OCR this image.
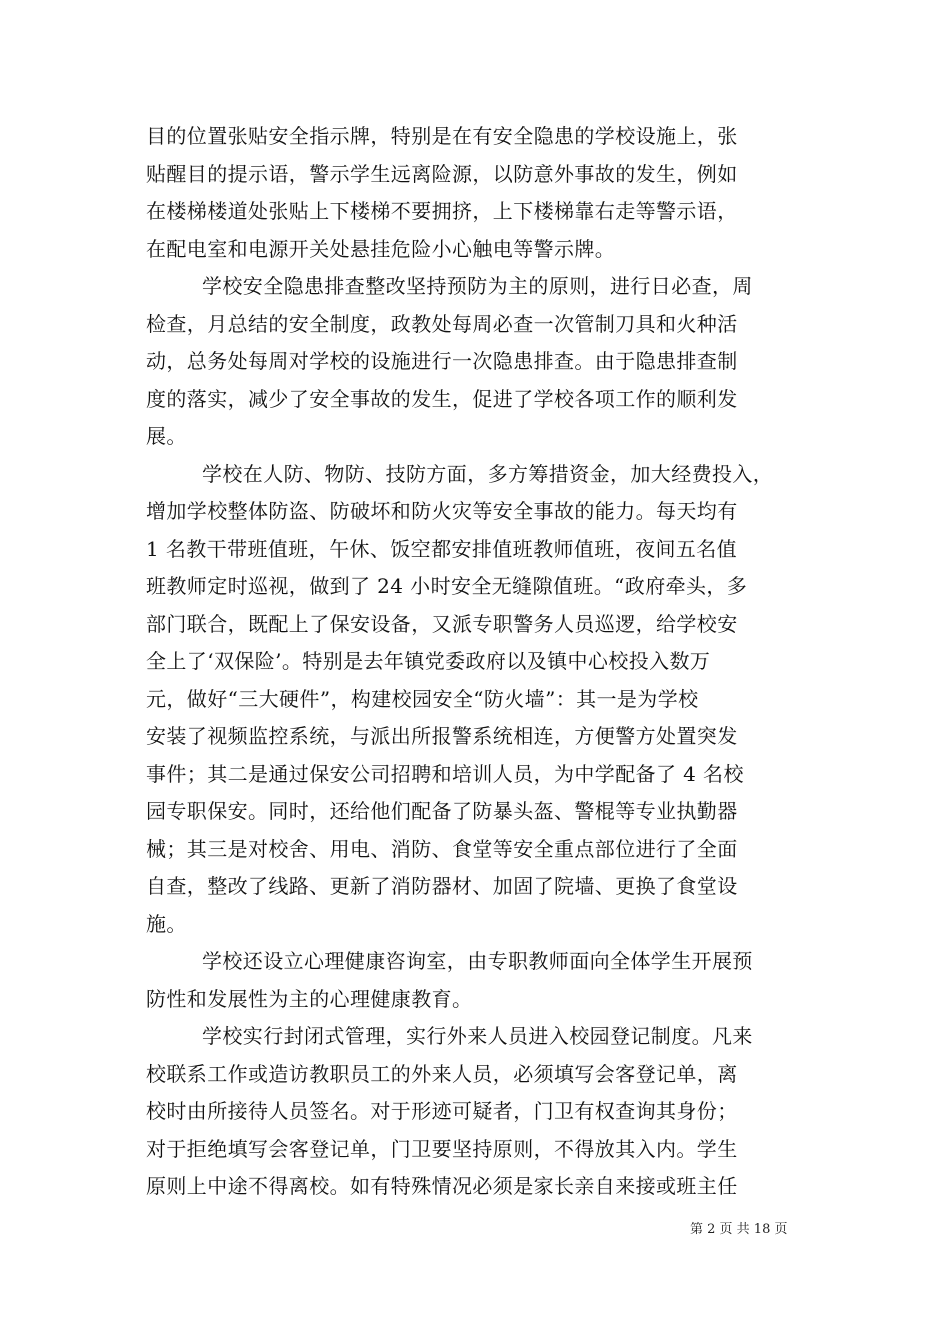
目的位置张贴安全指示牌，特别是在有安全隐患的学校设施上，张
贴醒目的提示语，警示学生远离险源，以防意外事故的发生，例如
在楼梯楼道处张贴上下楼梯不要拥挤，上下楼梯靠右走等警示语，
在配电室和电源开关处悬挂危险小心触电等警示牌。
学校安全隐患排查整改坚持预防为主的原则，进行日必查，周
检查，月总结的安全制度，政教处每周必查一次管制刀具和火种活
动，总务处每周对学校的设施进行一次隐患排查。由于隐患排查制
度的落实，减少了安全事故的发生，促进了学校各项工作的顺利发
展。
学校在人防、物防、技防方面，多方筹措资金，加大经费投入，
增加学校整体防盗、防破坏和防火灾等安全事故的能力。每天均有
1 名教干带班值班，午休、饭空都安排值班教师值班，夜间五名值
班教师定时巡视，做到了 24 小时安全无缝隙值班。“政府牵头，多
部门联合，既配上了保安设备，又派专职警务人员巡逻，给学校安
全上了‘双保险’。特别是去年镇党委政府以及镇中心校投入数万
元，做好“三大硬件”，构建校园安全“防火墙”：其一是为学校
安装了视频监控系统，与派出所报警系统相连，方便警方处置突发
事件；其二是通过保安公司招聘和培训人员，为中学配备了 4 名校
园专职保安。同时，还给他们配备了防暴头盔、警棍等专业执勤器
械；其三是对校舍、用电、消防、食堂等安全重点部位进行了全面
自查，整改了线路、更新了消防器材、加固了院墙、更换了食堂设
施。
学校还设立心理健康咨询室，由专职教师面向全体学生开展预
防性和发展性为主的心理健康教育。
学校实行封闭式管理，实行外来人员进入校园登记制度。凡来
校联系工作或造访教职员工的外来人员，必须填写会客登记单，离
校时由所接待人员签名。对于形迹可疑者，门卫有权查询其身份；
对于拒绝填写会客登记单，门卫要坚持原则，不得放其入内。学生
原则上中途不得离校。如有特殊情况必须是家长亲自来接或班主任
第 2 页 共 18 页
